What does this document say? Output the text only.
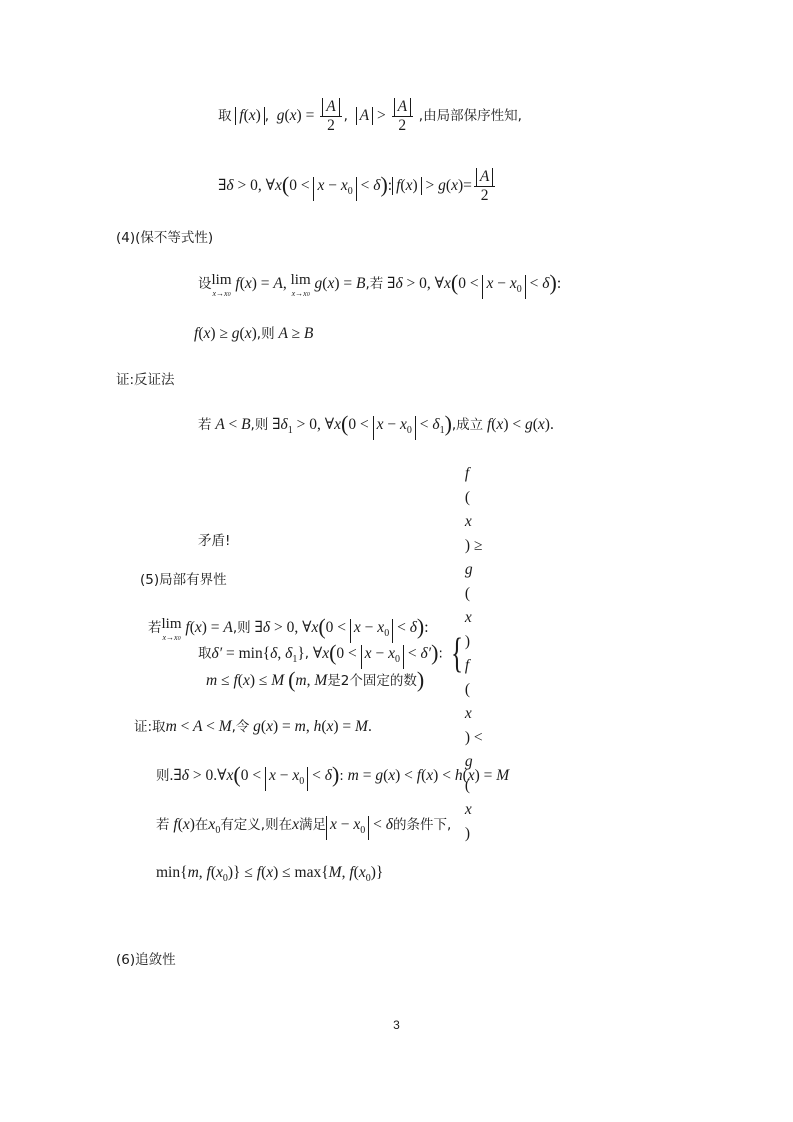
取 f(x) ,  $g(x) = \frac{A}{2}$ , $A > \frac{A}{2}$ ,由局部保序性知,
∃δ > 0, ∀x(0 < $x - x_0 < \delta$): $f(x) > g(x)= \frac{A}{2}$
(4)(保不等式性)
设 lim
x→x0
f(x) = A, lim
x→x0
g(x) = B,若 ∃δ > 0, ∀x(0 < $x - x_0 < \delta$):
f(x) ≥ g(x),则 A ≥ B
证:反证法
若 A < B,则 $\exists\delta_1 > 0$, ∀x(0 < $x - x_0 < \delta_1$),成立 f(x) < g(x).
取δ′ = min{δ, $\delta_1$}, ∀x(0 < $x - x_0 < \delta'$): {
f
(
x
) ≥
g
(
x
)
f
(
x
) <
g
(
x
)
矛盾!
(5)局部有界性
若 lim
x→x0
f(x) = A,则 ∃δ > 0, ∀x(0 < $x - x_0 < \delta$):
m ≤ f(x) ≤ M (m, M是2个固定的数)
证:取m < A < M,令 g(x) = m, h(x) = M.
则.∃δ > 0.∀x(0 < $x - x_0 < \delta$): m = g(x) < f(x) < h(x) = M
若 f(x)在$x_0$有定义,则在x满足 $x - x_0 < \delta$的条件下,
min{m, $f(x_0)\} \le f(x) \le \max\{M$, $f(x_0)$}
(6)追敛性
3
